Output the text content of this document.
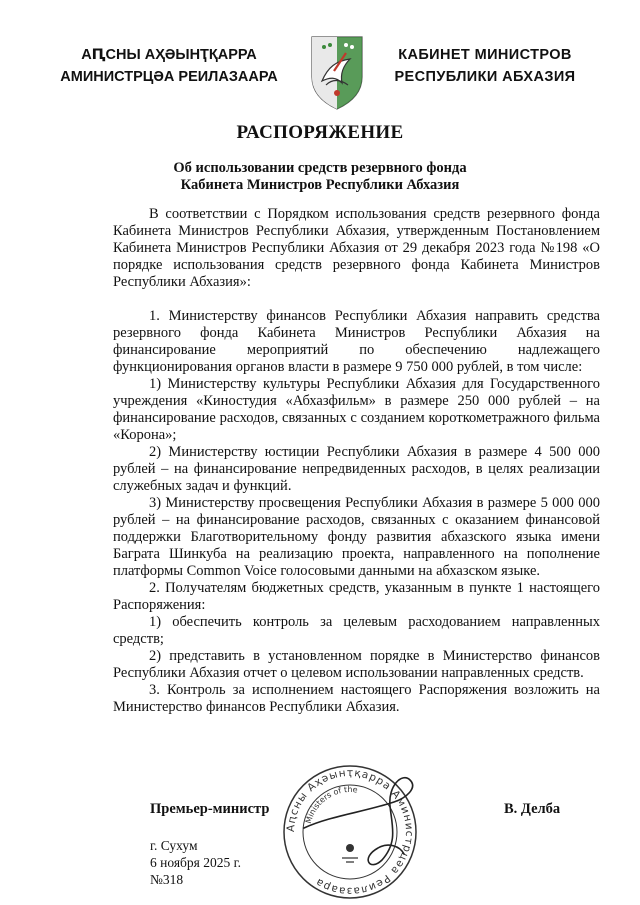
АԤСНЫ АҲӘЫНҬҚАРРА
АМИНИСТРЦӘА РЕИЛАЗААРА
КАБИНЕТ МИНИСТРОВ
РЕСПУБЛИКИ АБХАЗИЯ
РАСПОРЯЖЕНИЕ
Об использовании средств резервного фонда
Кабинета Министров Республики Абхазия

В соответствии с Порядком использования средств резервного фонда Кабинета Министров Республики Абхазия, утвержденным Постановлением Кабинета Министров Республики Абхазия от 29 декабря 2023 года №198 «О порядке использования средств резервного фонда Кабинета Министров Республики Абхазия»:

1. Министерству финансов Республики Абхазия направить средства резервного фонда Кабинета Министров Республики Абхазия на финансирование мероприятий по обеспечению надлежащего функционирования органов власти в размере 9 750 000 рублей, в том числе:

1) Министерству культуры Республики Абхазия для Государственного учреждения «Киностудия «Абхазфильм» в размере 250 000 рублей – на финансирование расходов, связанных с созданием короткометражного фильма «Корона»;

2) Министерству юстиции Республики Абхазия в размере 4 500 000 рублей – на финансирование непредвиденных расходов, в целях реализации служебных задач и функций.

3) Министерству просвещения Республики Абхазия в размере 5 000 000 рублей – на финансирование расходов, связанных с оказанием финансовой поддержки Благотворительному фонду развития абхазского языка имени Баграта Шинкуба на реализацию проекта, направленного на пополнение платформы Common Voice голосовыми данными на абхазском языке.

2. Получателям бюджетных средств, указанным в пункте 1 настоящего Распоряжения:

1) обеспечить контроль за целевым расходованием направленных средств;

2) представить в установленном порядке в Министерство финансов Республики Абхазия отчет о целевом использовании направленных средств.

3. Контроль за исполнением настоящего Распоряжения возложить на Министерство финансов Республики Абхазия.

Аԥсны Аҳәынҭқарра Аминистрцәа Реилазаара
Ministers of the
Премьер-министр	В. Делба
г. Сухум
6 ноября 2025 г.
№318
